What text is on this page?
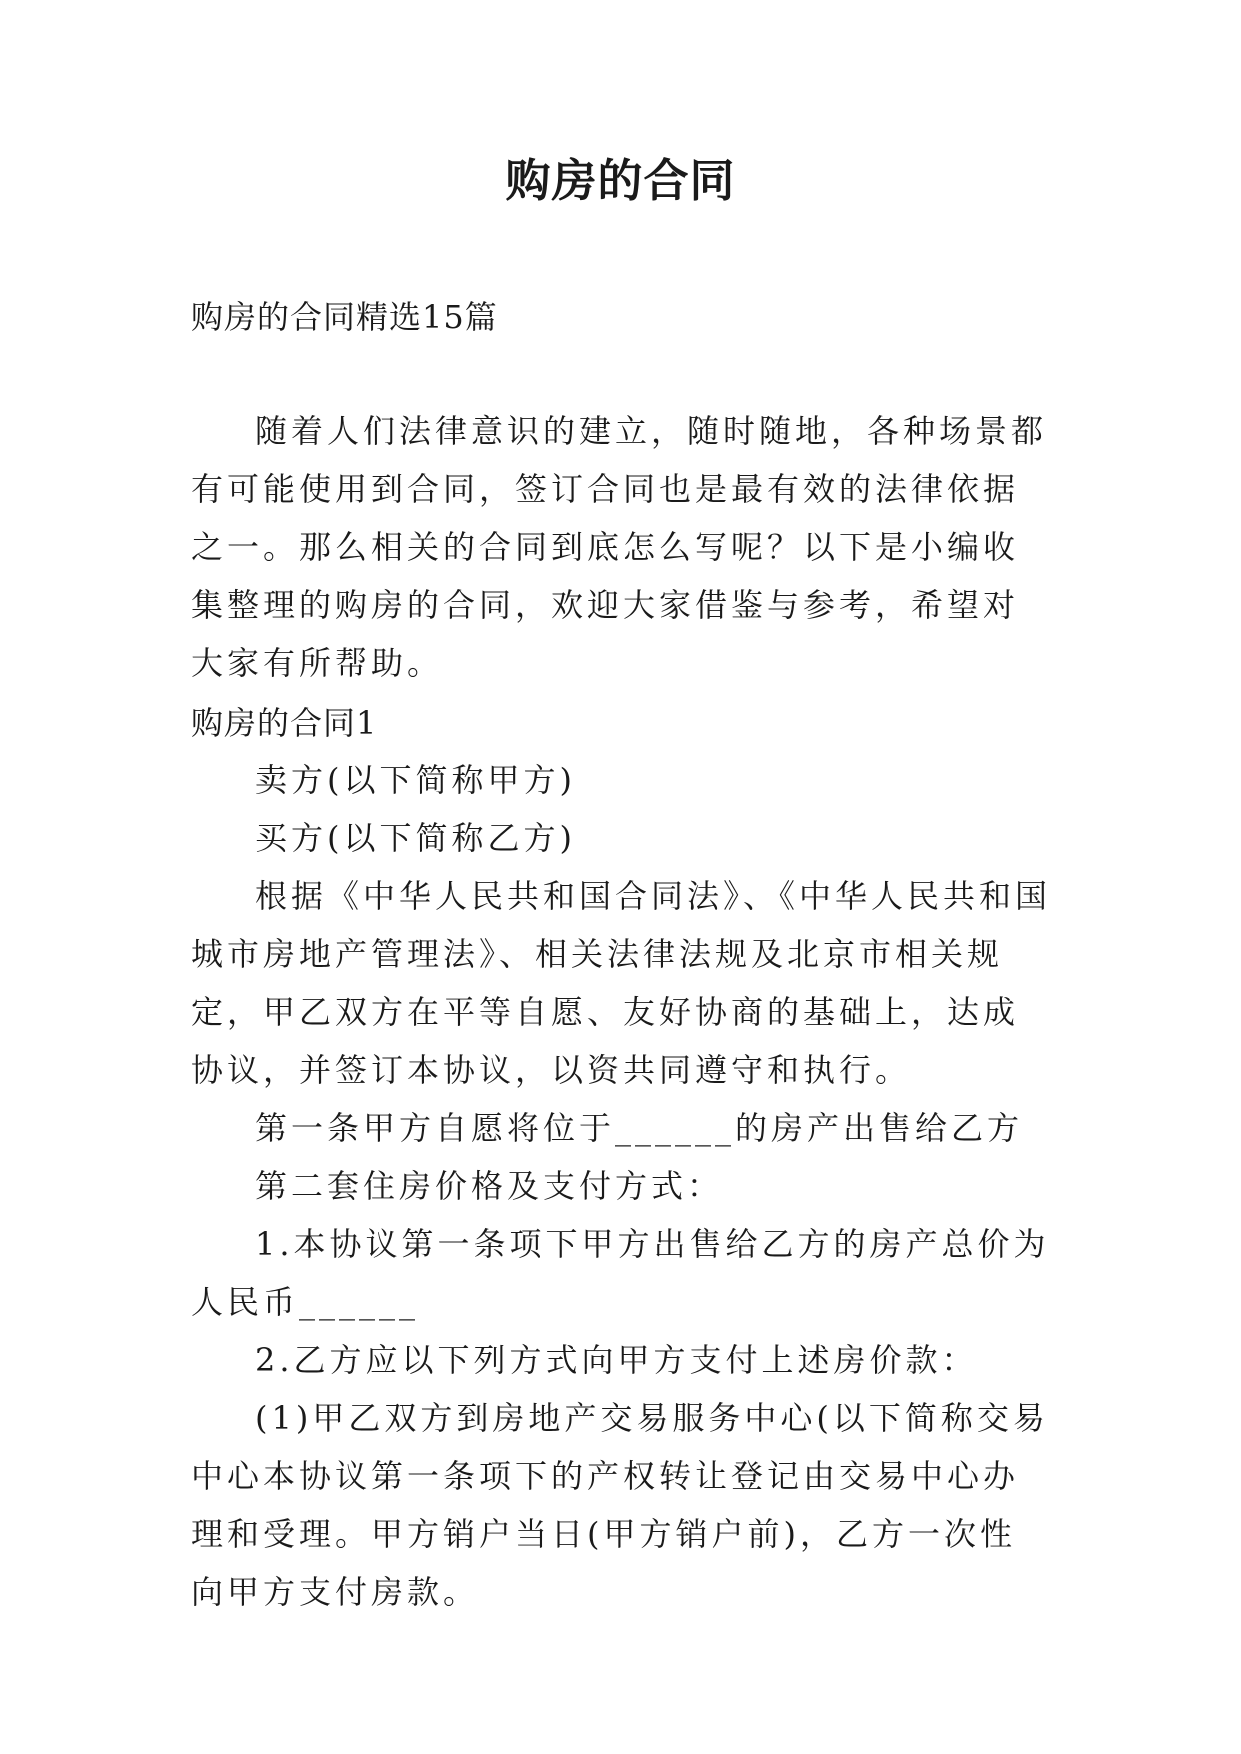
购房的合同

购房的合同精选15篇

随着人们法律意识的建立，随时随地，各种场景都有可能使用到合同，签订合同也是最有效的法律依据之一。那么相关的合同到底怎么写呢？以下是小编收集整理的购房的合同，欢迎大家借鉴与参考，希望对大家有所帮助。

购房的合同1

卖方(以下简称甲方)

买方(以下简称乙方)

根据《中华人民共和国合同法》、《中华人民共和国城市房地产管理法》、相关法律法规及北京市相关规定，甲乙双方在平等自愿、友好协商的基础上，达成协议，并签订本协议，以资共同遵守和执行。

第一条甲方自愿将位于______的房产出售给乙方

第二套住房价格及支付方式：

1.本协议第一条项下甲方出售给乙方的房产总价为人民币______

2.乙方应以下列方式向甲方支付上述房价款：

(1)甲乙双方到房地产交易服务中心(以下简称交易中心本协议第一条项下的产权转让登记由交易中心办理和受理。甲方销户当日(甲方销户前)，乙方一次性向甲方支付房款。
